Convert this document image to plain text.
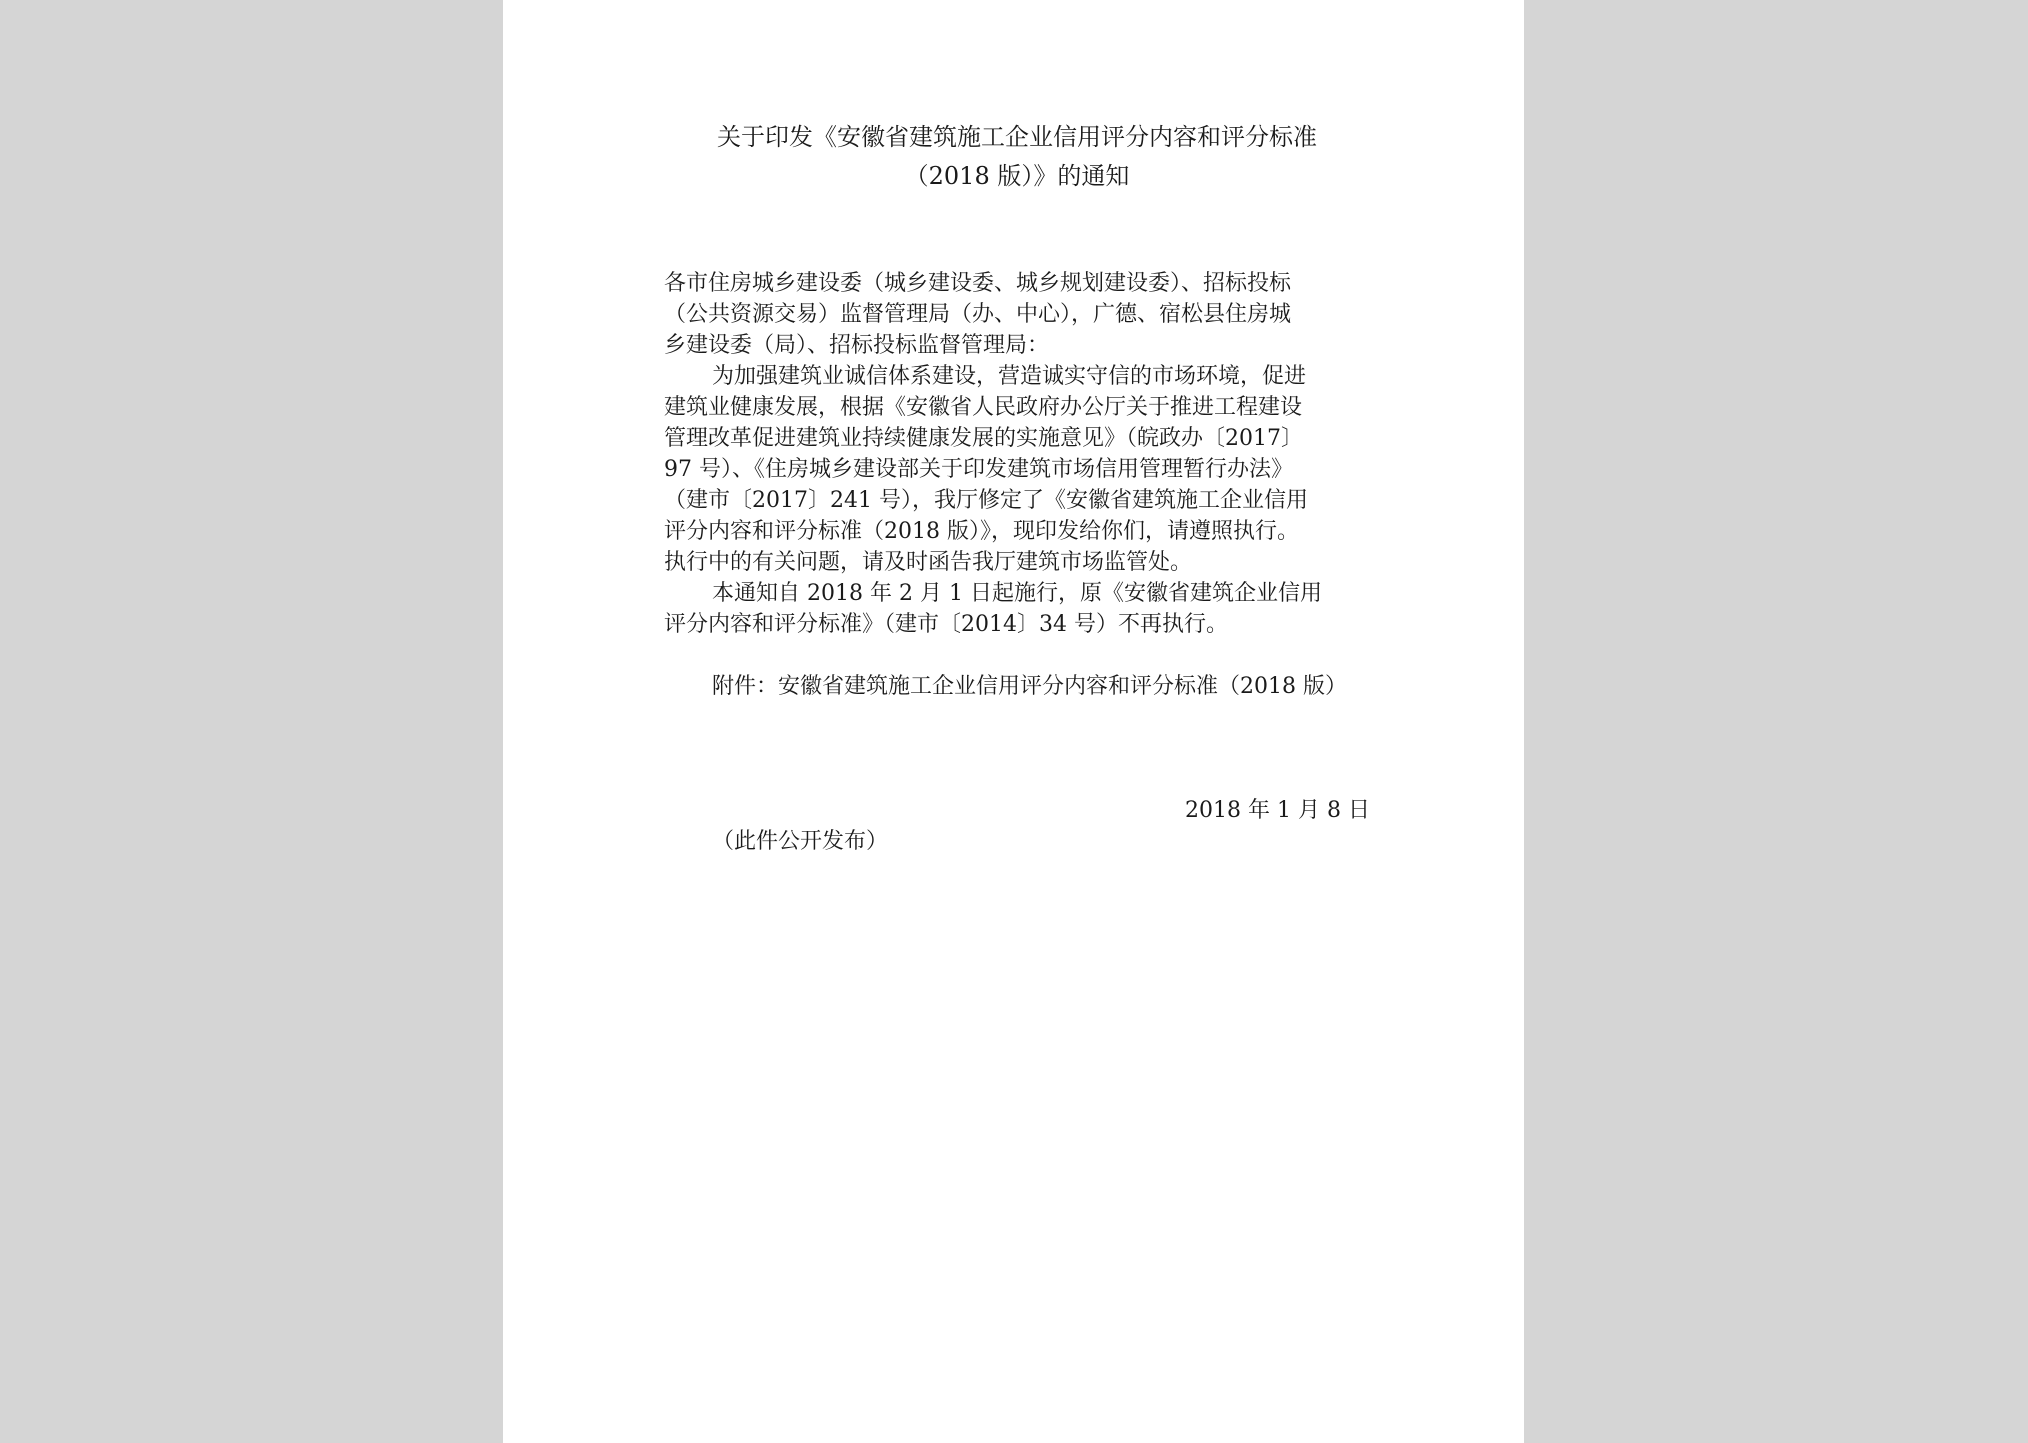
关于印发《安徽省建筑施工企业信用评分内容和评分标准
（2018 版）》的通知

各市住房城乡建设委（城乡建设委、城乡规划建设委）、招标投标
（公共资源交易）监督管理局（办、中心），广德、宿松县住房城
乡建设委（局）、招标投标监督管理局：

为加强建筑业诚信体系建设，营造诚实守信的市场环境，促进
建筑业健康发展，根据《安徽省人民政府办公厅关于推进工程建设
管理改革促进建筑业持续健康发展的实施意见》（皖政办〔2017〕
97 号）、《住房城乡建设部关于印发建筑市场信用管理暂行办法》
（建市〔2017〕241 号），我厅修定了《安徽省建筑施工企业信用
评分内容和评分标准（2018 版）》，现印发给你们，请遵照执行。
执行中的有关问题，请及时函告我厅建筑市场监管处。

本通知自 2018 年 2 月 1 日起施行，原《安徽省建筑企业信用
评分内容和评分标准》（建市〔2014〕34 号）不再执行。

附件：安徽省建筑施工企业信用评分内容和评分标准（2018 版）

2018 年 1 月 8 日

（此件公开发布）
